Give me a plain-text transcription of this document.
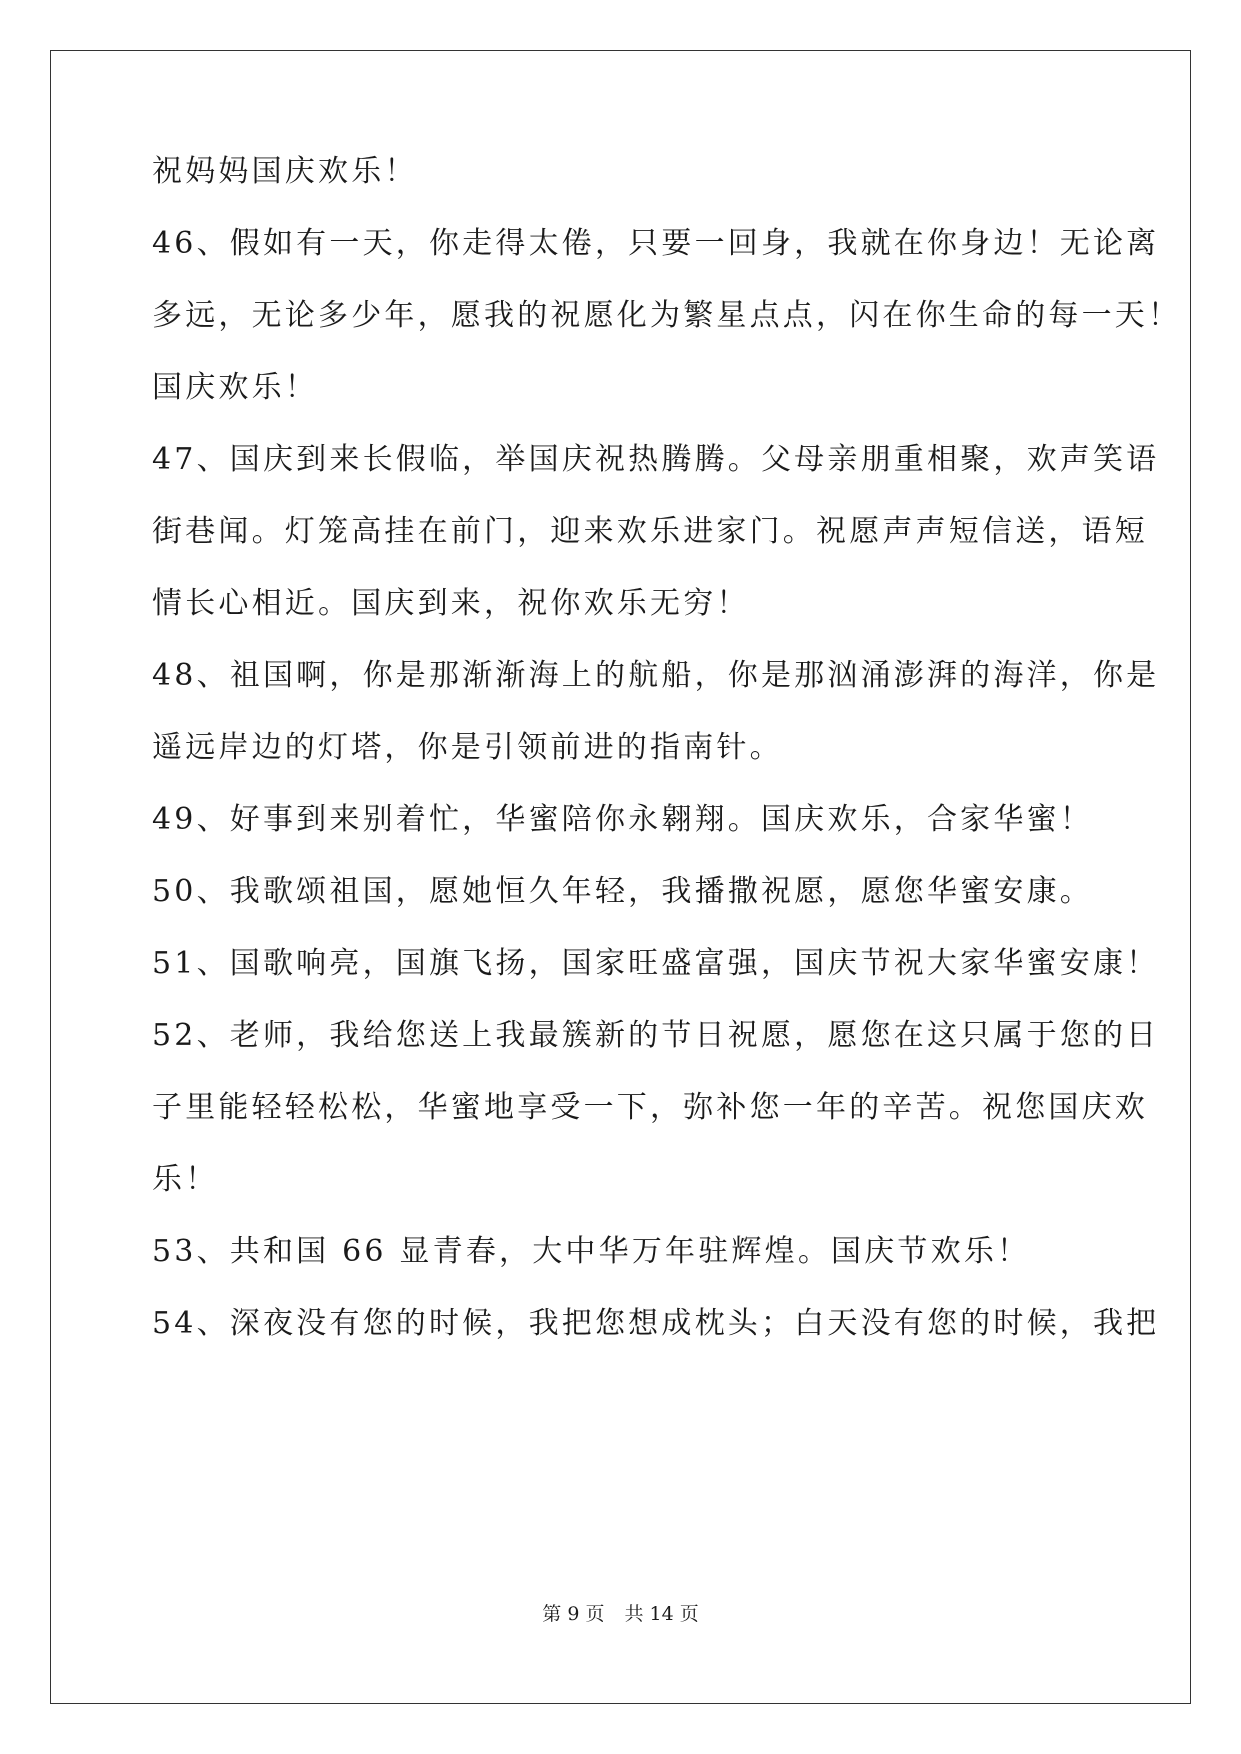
祝妈妈国庆欢乐！
46、假如有一天，你走得太倦，只要一回身，我就在你身边！无论离
多远，无论多少年，愿我的祝愿化为繁星点点，闪在你生命的每一天！
国庆欢乐！
47、国庆到来长假临，举国庆祝热腾腾。父母亲朋重相聚，欢声笑语
街巷闻。灯笼高挂在前门，迎来欢乐进家门。祝愿声声短信送，语短
情长心相近。国庆到来，祝你欢乐无穷！
48、祖国啊，你是那渐渐海上的航船，你是那汹涌澎湃的海洋，你是
遥远岸边的灯塔，你是引领前进的指南针。
49、好事到来别着忙，华蜜陪你永翱翔。国庆欢乐，合家华蜜！
50、我歌颂祖国，愿她恒久年轻，我播撒祝愿，愿您华蜜安康。
51、国歌响亮，国旗飞扬，国家旺盛富强，国庆节祝大家华蜜安康！
52、老师，我给您送上我最簇新的节日祝愿，愿您在这只属于您的日
子里能轻轻松松，华蜜地享受一下，弥补您一年的辛苦。祝您国庆欢
乐！
53、共和国 66 显青春，大中华万年驻辉煌。国庆节欢乐！
54、深夜没有您的时候，我把您想成枕头；白天没有您的时候，我把
第 9 页 共 14 页
